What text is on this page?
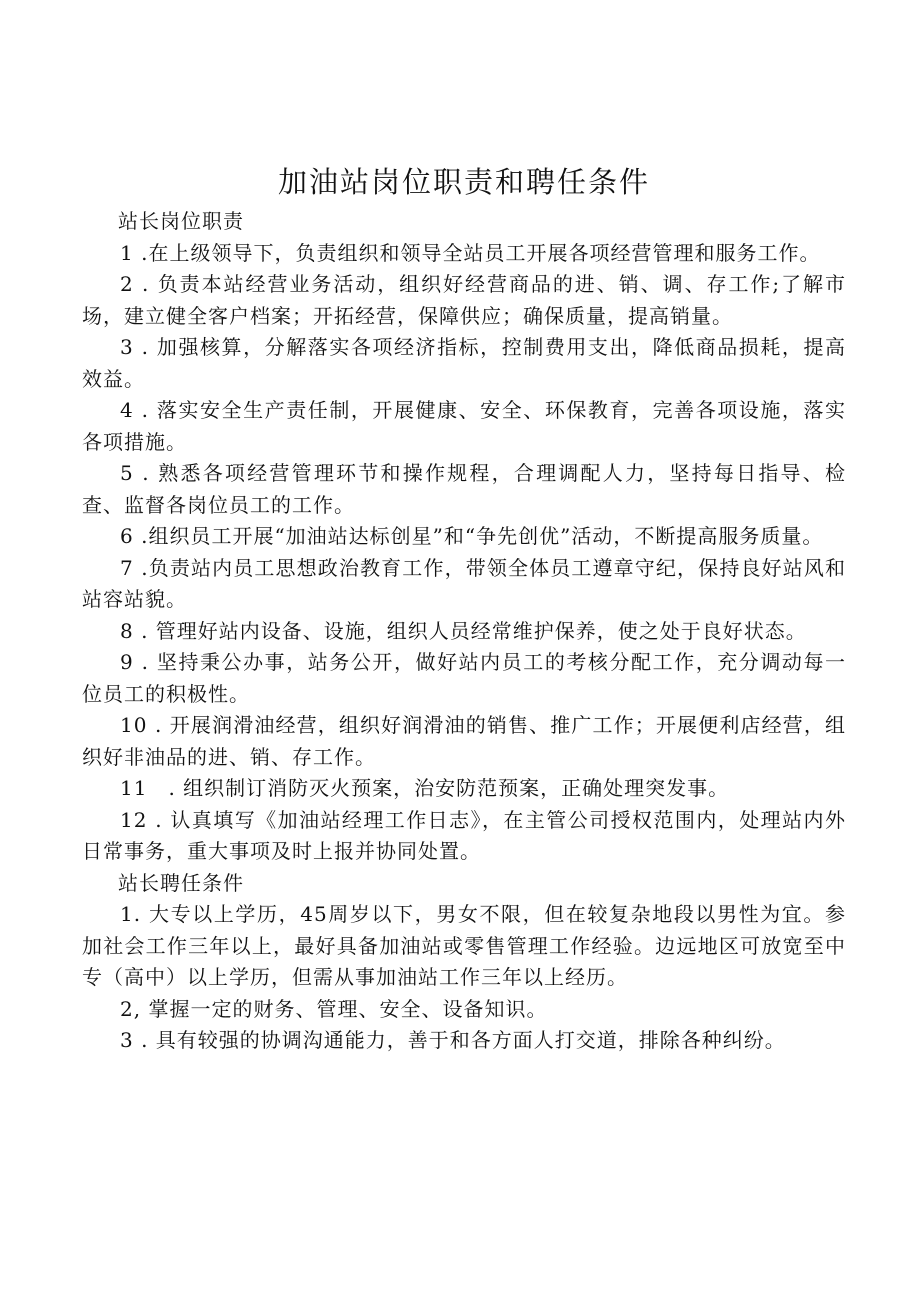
加油站岗位职责和聘任条件

站长岗位职责

1 .在上级领导下，负责组织和领导全站员工开展各项经营管理和服务工作。

2 . 负责本站经营业务活动，组织好经营商品的进、销、调、存工作;了解市场，建立健全客户档案；开拓经营，保障供应；确保质量，提高销量。

3 . 加强核算，分解落实各项经济指标，控制费用支出，降低商品损耗，提高效益。

4 . 落实安全生产责任制，开展健康、安全、环保教育，完善各项设施，落实各项措施。

5 . 熟悉各项经营管理环节和操作规程，合理调配人力，坚持每日指导、检查、监督各岗位员工的工作。

6 .组织员工开展“加油站达标创星”和“争先创优”活动，不断提高服务质量。

7 .负责站内员工思想政治教育工作，带领全体员工遵章守纪，保持良好站风和站容站貌。

8 . 管理好站内设备、设施，组织人员经常维护保养，使之处于良好状态。

9 . 坚持秉公办事，站务公开，做好站内员工的考核分配工作，充分调动每一位员工的积极性。

10 . 开展润滑油经营，组织好润滑油的销售、推广工作；开展便利店经营，组织好非油品的进、销、存工作。

11　. 组织制订消防灭火预案，治安防范预案，正确处理突发事。

12 . 认真填写《加油站经理工作日志》，在主管公司授权范围内，处理站内外日常事务，重大事项及时上报并协同处置。

站长聘任条件

1. 大专以上学历，45周岁以下，男女不限，但在较复杂地段以男性为宜。参加社会工作三年以上，最好具备加油站或零售管理工作经验。边远地区可放宽至中专（高中）以上学历，但需从事加油站工作三年以上经历。

2, 掌握一定的财务、管理、安全、设备知识。

3 . 具有较强的协调沟通能力，善于和各方面人打交道，排除各种纠纷。
